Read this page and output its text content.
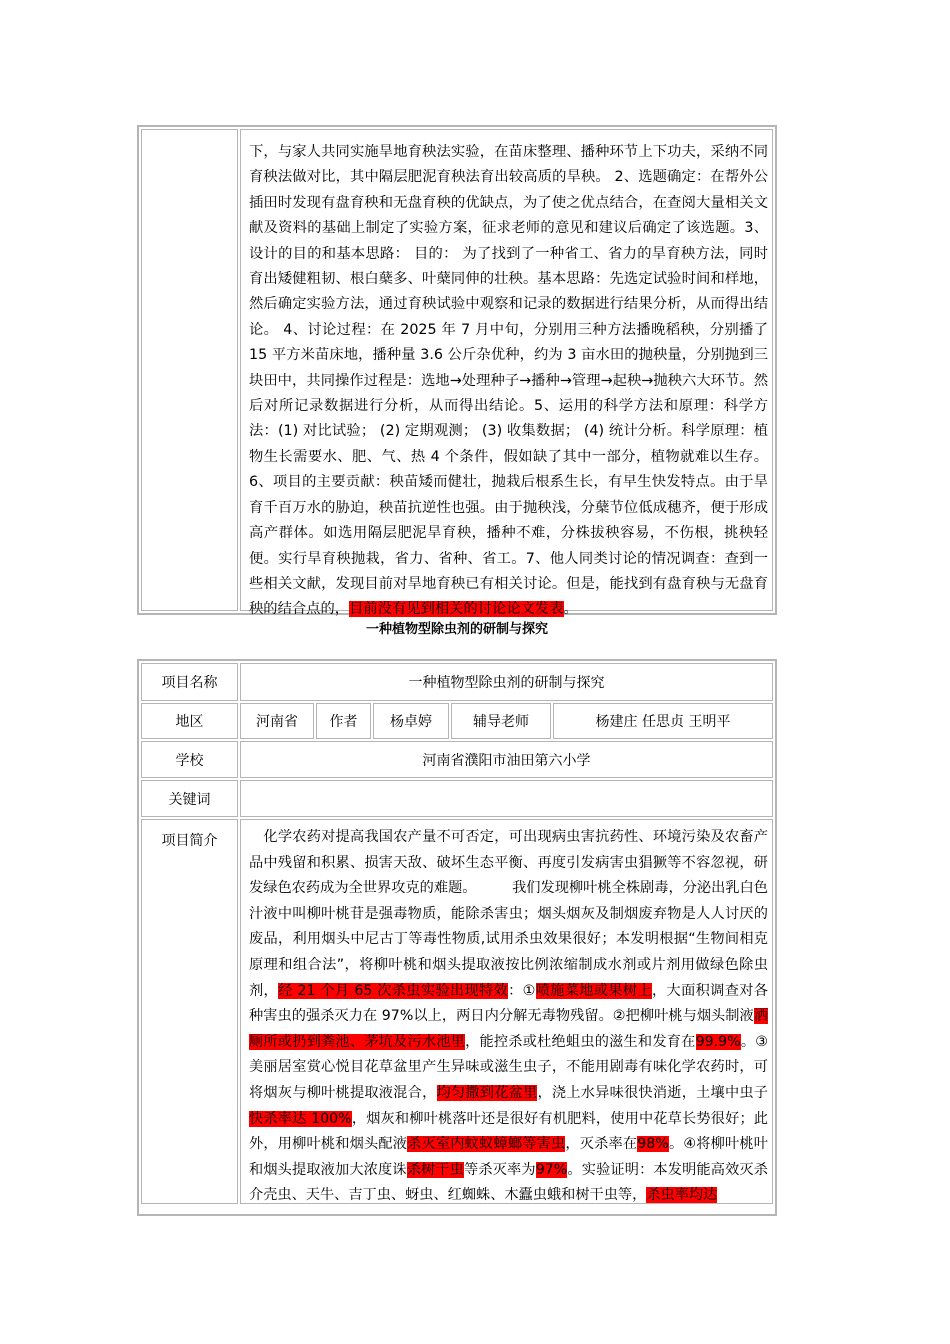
下，与家人共同实施旱地育秧法实验，在苗床整理、播种环节上下功夫，采纳不同育秧法做对比，其中隔层肥泥育秧法育出较高质的旱秧。 2、选题确定：在帮外公插田时发现有盘育秧和无盘育秧的优缺点，为了使之优点结合，在查阅大量相关文献及资料的基础上制定了实验方案，征求老师的意见和建议后确定了该选题。3、设计的目的和基本思路： 目的： 为了找到了一种省工、省力的旱育秧方法，同时育出矮健粗韧、根白蘖多、叶蘖同伸的壮秧。基本思路：先选定试验时间和样地，然后确定实验方法，通过育秧试验中观察和记录的数据进行结果分析，从而得出结论。 4、讨论过程：在 2025 年 7 月中旬，分别用三种方法播晚稻秧，分别播了 15 平方米苗床地，播种量 3.6 公斤杂优种，约为 3 亩水田的抛秧量，分别抛到三块田中，共同操作过程是：选地→处理种子→播种→管理→起秧→抛秧六大环节。然后对所记录数据进行分析，从而得出结论。5、运用的科学方法和原理：科学方法：(1) 对比试验； (2) 定期观测； (3) 收集数据； (4) 统计分析。科学原理：植物生长需要水、肥、气、热 4 个条件，假如缺了其中一部分，植物就难以生存。 6、项目的主要贡献：秧苗矮而健壮，抛栽后根系生长，有早生快发特点。由于旱育千百万水的胁迫，秧苗抗逆性也强。由于抛秧浅，分蘖节位低成穗齐，便于形成高产群体。如选用隔层肥泥旱育秧，播种不难，分株拔秧容易，不伤根，挑秧轻便。实行旱育秧抛栽，省力、省种、省工。7、他人同类讨论的情况调查：查到一些相关文献，发现目前对旱地育秧已有相关讨论。但是，能找到有盘育秧与无盘育秧的结合点的，目前没有见到相关的讨论论文发表。

一种植物型除虫剂的研制与探究
项目名称	一种植物型除虫剂的研制与探究
地区	河南省	作者	杨卓婷	辅导老师	杨建庄 任思贞 王明平
学校	河南省濮阳市油田第六小学
关键词
项目简介	　化学农药对提高我国农产量不可否定，可出现病虫害抗药性、环境污染及农畜产品中残留和积累、损害天敌、破坏生态平衡、再度引发病害虫猖獗等不容忽视，研发绿色农药成为全世界攻克的难题。　　　我们发现柳叶桃全株剧毒，分泌出乳白色汁液中叫柳叶桃苷是强毒物质，能除杀害虫；烟头烟灰及制烟废弃物是人人讨厌的废品，利用烟头中尼古丁等毒性物质,试用杀虫效果很好；本发明根据“生物间相克原理和组合法”，将柳叶桃和烟头提取液按比例浓缩制成水剂或片剂用做绿色除虫剂，经 21 个月 65 次杀虫实验出现特效：①喷施菜地或果树上，大面积调查对各种害虫的强杀灭力在 97%以上，两日内分解无毒物残留。②把柳叶桃与烟头制液洒厕所或扔到粪池、茅坑及污水池里，能控杀或杜绝蛆虫的滋生和发育在99.9%。③美丽居室赏心悦目花草盆里产生异味或滋生虫子，不能用剧毒有味化学农药时，可将烟灰与柳叶桃提取液混合，均匀撒到花盆里，浇上水异味很快消逝，土壤中虫子快杀率达 100%，烟灰和柳叶桃落叶还是很好有机肥料，使用中花草长势很好；此外，用柳叶桃和烟头配液杀灭室内蚊蚁蟑螂等害虫，灭杀率在98%。④将柳叶桃叶和烟头提取液加大浓度诛杀树干虫等杀灭率为97%。实验证明：本发明能高效灭杀介壳虫、天牛、吉丁虫、蚜虫、红蜘蛛、木蠹虫蛾和树干虫等，杀虫率均达
